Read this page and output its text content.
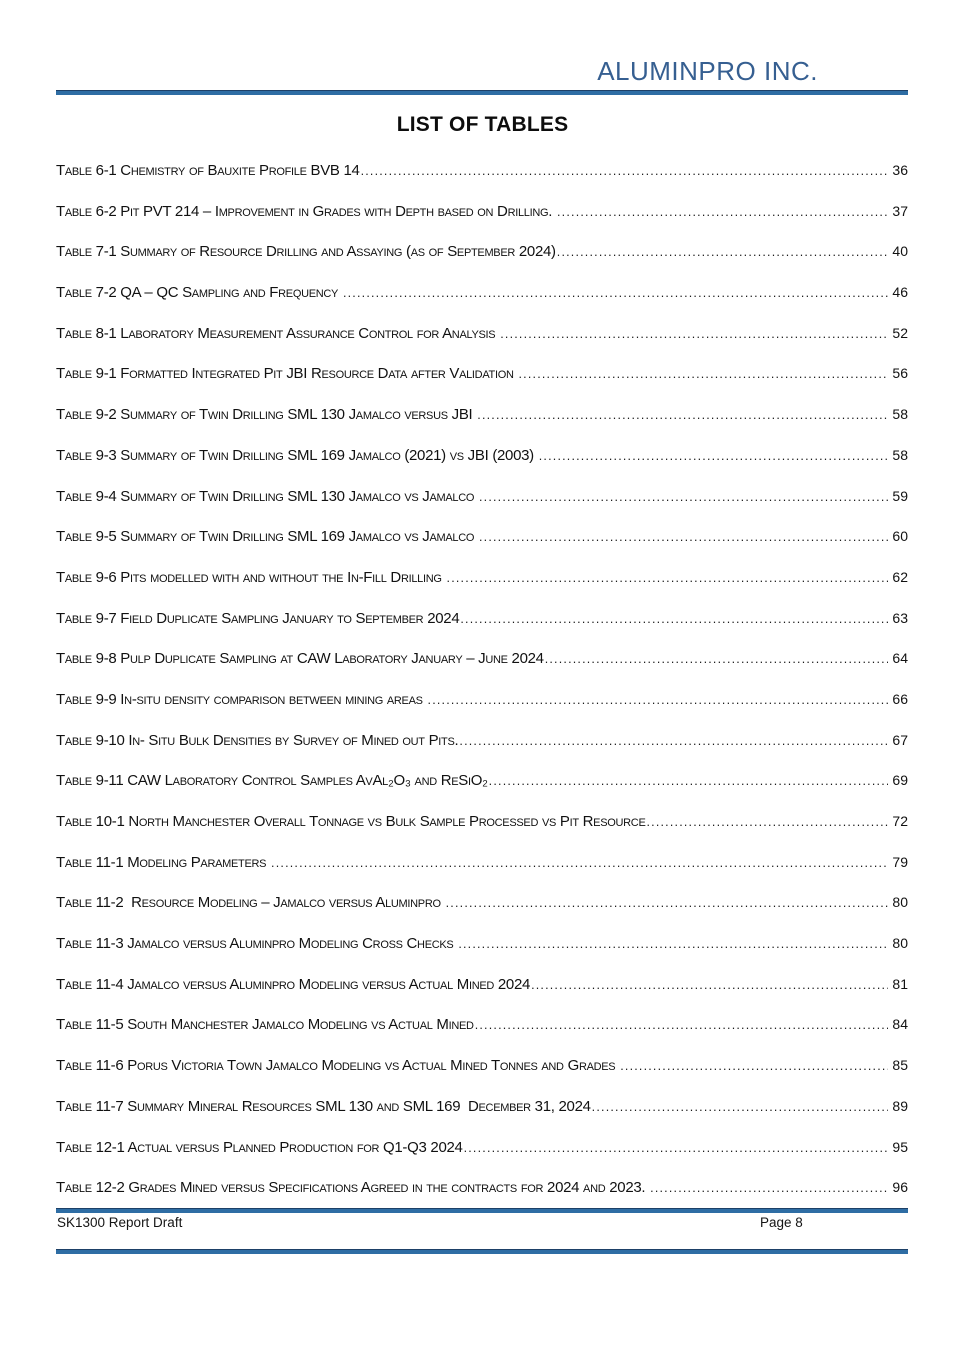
ALUMINPRO INC.
LIST OF TABLES
Table 6-1 Chemistry of Bauxite Profile BVB 14 .....	36
Table 6-2 Pit PVT 214 – Improvement in Grades with Depth based on Drilling. .....	37
Table 7-1 Summary of Resource Drilling and Assaying (as of September 2024) .....	40
Table 7-2 QA – QC Sampling and Frequency .....	46
Table 8-1 Laboratory Measurement Assurance Control for Analysis .....	52
Table 9-1 Formatted Integrated Pit JBI Resource Data after Validation .....	56
Table 9-2 Summary of Twin Drilling SML 130 Jamalco versus JBI .....	58
Table 9-3 Summary of Twin Drilling SML 169 Jamalco (2021) vs JBI (2003) .....	58
Table 9-4 Summary of Twin Drilling SML 130 Jamalco vs Jamalco .....	59
Table 9-5 Summary of Twin Drilling SML 169 Jamalco vs Jamalco .....	60
Table 9-6 Pits modelled with and without the In-Fill Drilling .....	62
Table 9-7 Field Duplicate Sampling January to September 2024 .....	63
Table 9-8 Pulp Duplicate Sampling at CAW Laboratory January – June 2024 .....	64
Table 9-9 In-situ density comparison between mining areas .....	66
Table 9-10 In- Situ Bulk Densities by Survey of Mined out Pits. .....	67
Table 9-11 CAW Laboratory Control Samples AvAl₂O₃ and ReSiO₂ .....	69
Table 10-1 North Manchester Overall Tonnage vs Bulk Sample Processed vs Pit Resource .....	72
Table 11-1 Modeling Parameters .....	79
Table 11-2  Resource Modeling – Jamalco versus Aluminpro .....	80
Table 11-3 Jamalco versus Aluminpro Modeling Cross Checks .....	80
Table 11-4 Jamalco versus Aluminpro Modeling versus Actual Mined 2024 .....	81
Table 11-5 South Manchester Jamalco Modeling vs Actual Mined .....	84
Table 11-6 Porus Victoria Town Jamalco Modeling vs Actual Mined Tonnes and Grades .....	85
Table 11-7 Summary Mineral Resources SML 130 and SML 169  December 31, 2024 .....	89
Table 12-1 Actual versus Planned Production for Q1-Q3 2024 .....	95
Table 12-2 Grades Mined versus Specifications Agreed in the contracts for 2024 and 2023. .....	96
SK1300 Report Draft	Page 8
